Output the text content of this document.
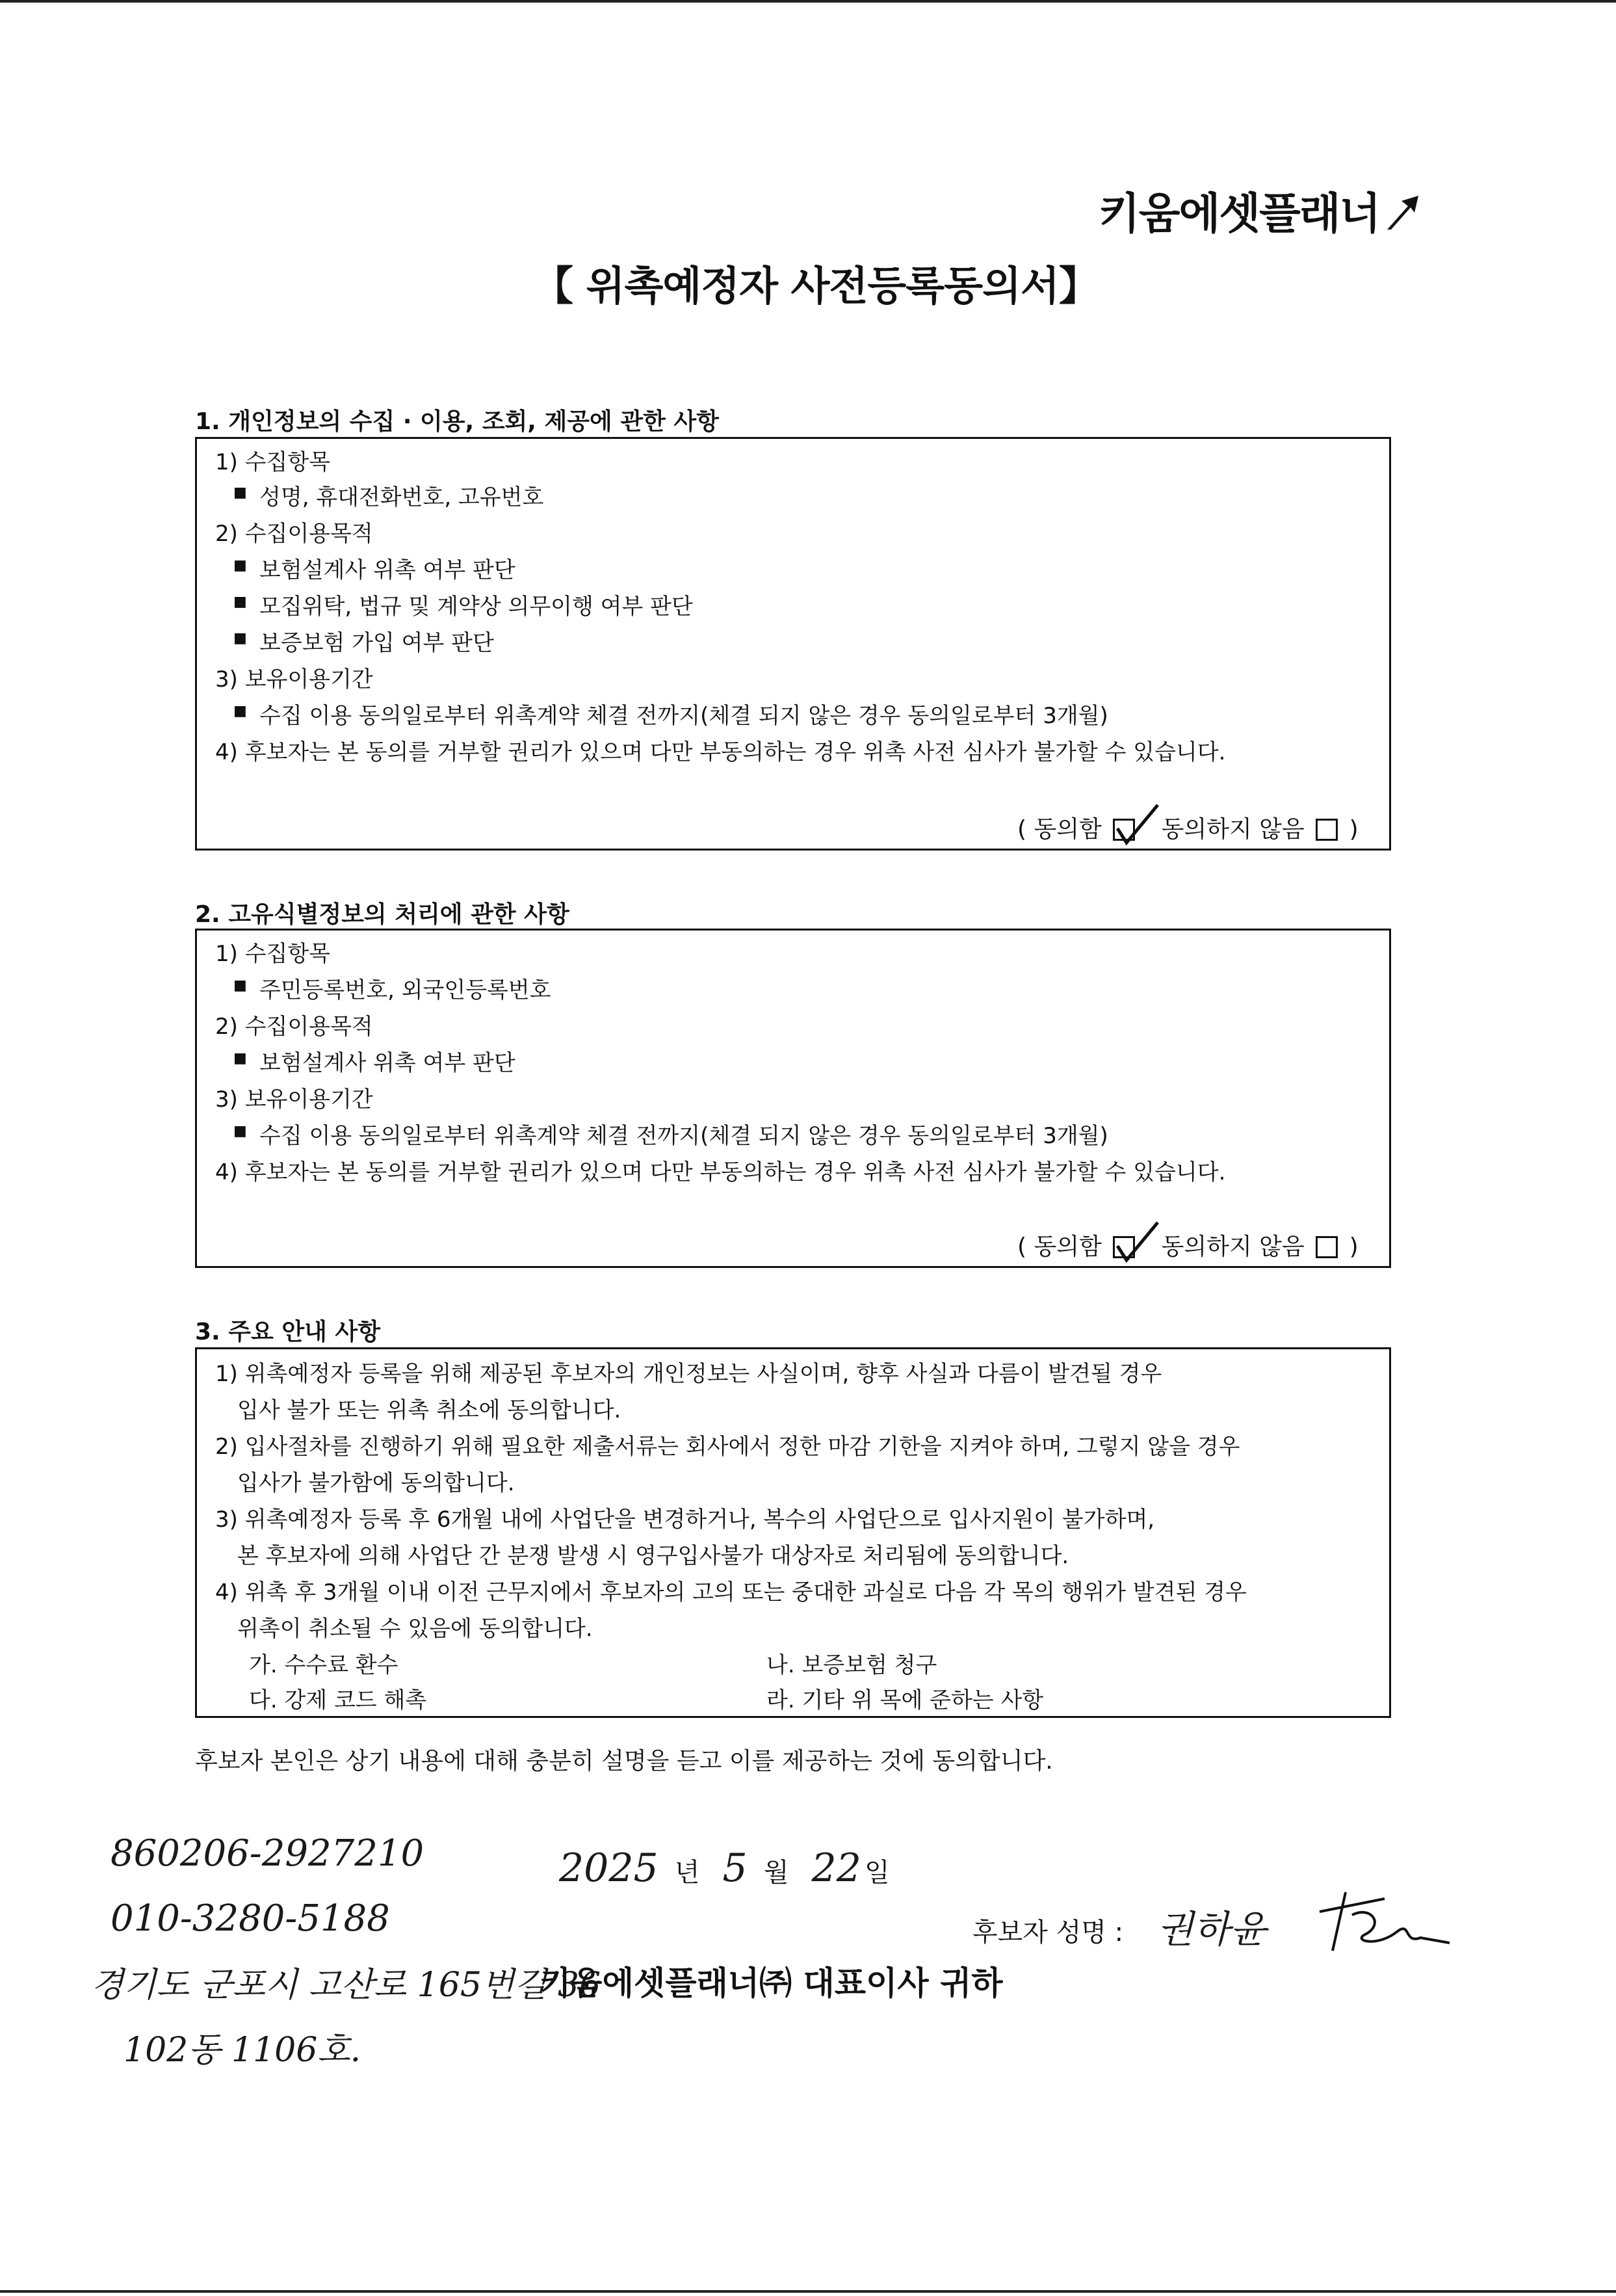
키움에셋플래너
【 위촉예정자 사전등록동의서】
1. 개인정보의 수집 · 이용, 조회, 제공에 관한 사항
1) 수집항목
■ 성명, 휴대전화번호, 고유번호
2) 수집이용목적
■ 보험설계사 위촉 여부 판단
■ 모집위탁, 법규 및 계약상 의무이행 여부 판단
■ 보증보험 가입 여부 판단
3) 보유이용기간
■ 수집 이용 동의일로부터 위촉계약 체결 전까지(체결 되지 않은 경우 동의일로부터 3개월)
4) 후보자는 본 동의를 거부할 권리가 있으며 다만 부동의하는 경우 위촉 사전 심사가 불가할 수 있습니다.
( 동의함	동의하지 않음 )
2. 고유식별정보의 처리에 관한 사항
1) 수집항목
■ 주민등록번호, 외국인등록번호
2) 수집이용목적
■ 보험설계사 위촉 여부 판단
3) 보유이용기간
■ 수집 이용 동의일로부터 위촉계약 체결 전까지(체결 되지 않은 경우 동의일로부터 3개월)
4) 후보자는 본 동의를 거부할 권리가 있으며 다만 부동의하는 경우 위촉 사전 심사가 불가할 수 있습니다.
( 동의함	동의하지 않음 )
3. 주요 안내 사항
1) 위촉예정자 등록을 위해 제공된 후보자의 개인정보는 사실이며, 향후 사실과 다름이 발견될 경우
입사 불가 또는 위촉 취소에 동의합니다.
2) 입사절차를 진행하기 위해 필요한 제출서류는 회사에서 정한 마감 기한을 지켜야 하며, 그렇지 않을 경우
입사가 불가함에 동의합니다.
3) 위촉예정자 등록 후 6개월 내에 사업단을 변경하거나, 복수의 사업단으로 입사지원이 불가하며,
본 후보자에 의해 사업단 간 분쟁 발생 시 영구입사불가 대상자로 처리됨에 동의합니다.
4) 위촉 후 3개월 이내 이전 근무지에서 후보자의 고의 또는 중대한 과실로 다음 각 목의 행위가 발견된 경우
위촉이 취소될 수 있음에 동의합니다.
가. 수수료 환수	나. 보증보험 청구
다. 강제 코드 해촉	라. 기타 위 목에 준하는 사항
후보자 본인은 상기 내용에 대해 충분히 설명을 듣고 이를 제공하는 것에 동의합니다.
860206-2927210
010-3280-5188
경기도 군포시 고산로 165번길 36
102동 1106호.
2025 년 5 월 22 일
후보자 성명 : 권하윤
키움에셋플래너㈜ 대표이사 귀하
